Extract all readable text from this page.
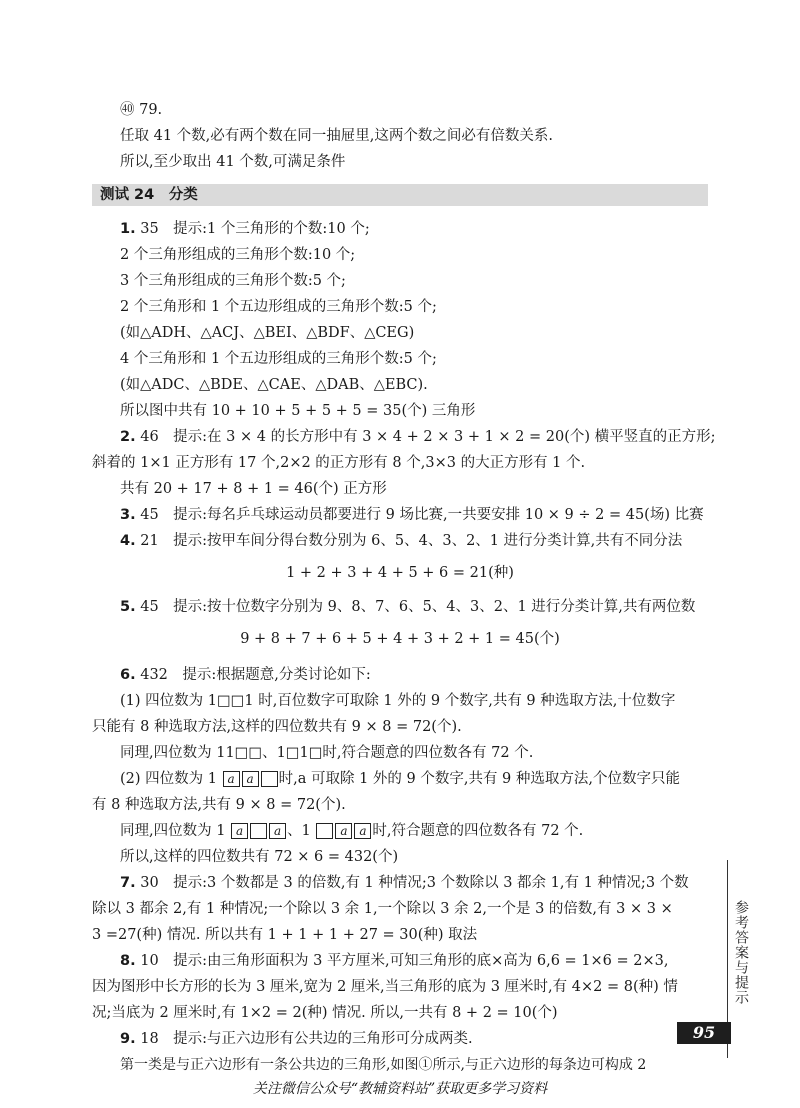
㊵ 79.
任取 41 个数,必有两个数在同一抽屉里,这两个数之间必有倍数关系.
所以,至少取出 41 个数,可满足条件
测试 24　分类
1. 35　提示:1 个三角形的个数:10 个;
2 个三角形组成的三角形个数:10 个;
3 个三角形组成的三角形个数:5 个;
2 个三角形和 1 个五边形组成的三角形个数:5 个;
(如△ADH、△ACJ、△BEI、△BDF、△CEG)
4 个三角形和 1 个五边形组成的三角形个数:5 个;
(如△ADC、△BDE、△CAE、△DAB、△EBC).
所以图中共有 10 + 10 + 5 + 5 + 5 = 35(个) 三角形
2. 46　提示:在 3 × 4 的长方形中有 3 × 4 + 2 × 3 + 1 × 2 = 20(个) 横平竖直的正方形;
斜着的 1×1 正方形有 17 个,2×2 的正方形有 8 个,3×3 的大正方形有 1 个.
共有 20 + 17 + 8 + 1 = 46(个) 正方形
3. 45　提示:每名乒乓球运动员都要进行 9 场比赛,一共要安排 10 × 9 ÷ 2 = 45(场) 比赛
4. 21　提示:按甲车间分得台数分别为 6、5、4、3、2、1 进行分类计算,共有不同分法
1 + 2 + 3 + 4 + 5 + 6 = 21(种)
5. 45　提示:按十位数字分别为 9、8、7、6、5、4、3、2、1 进行分类计算,共有两位数
9 + 8 + 7 + 6 + 5 + 4 + 3 + 2 + 1 = 45(个)
6. 432　提示:根据题意,分类讨论如下:
(1) 四位数为 1□□1 时,百位数字可取除 1 外的 9 个数字,共有 9 种选取方法,十位数字
只能有 8 种选取方法,这样的四位数共有 9 × 8 = 72(个).
同理,四位数为 11□□、1□1□时,符合题意的四位数各有 72 个.
(2) 四位数为 1 a a 时,a 可取除 1 外的 9 个数字,共有 9 种选取方法,个位数字只能
有 8 种选取方法,共有 9 × 8 = 72(个).
同理,四位数为 1 a	a 、1 a a 时,符合题意的四位数各有 72 个.
所以,这样的四位数共有 72 × 6 = 432(个)
7. 30　提示:3 个数都是 3 的倍数,有 1 种情况;3 个数除以 3 都余 1,有 1 种情况;3 个数
除以 3 都余 2,有 1 种情况;一个除以 3 余 1,一个除以 3 余 2,一个是 3 的倍数,有 3 × 3 ×
3 =27(种) 情况. 所以共有 1 + 1 + 1 + 27 = 30(种) 取法
8. 10　提示:由三角形面积为 3 平方厘米,可知三角形的底×高为 6,6 = 1×6 = 2×3,
因为图形中长方形的长为 3 厘米,宽为 2 厘米,当三角形的底为 3 厘米时,有 4×2 = 8(种) 情
况;当底为 2 厘米时,有 1×2 = 2(种) 情况. 所以,一共有 8 + 2 = 10(个)
9. 18　提示:与正六边形有公共边的三角形可分成两类.
第一类是与正六边形有一条公共边的三角形,如图①所示,与正六边形的每条边可构成 2
参考答案与提示
95
关注微信公众号“教辅资料站”获取更多学习资料
